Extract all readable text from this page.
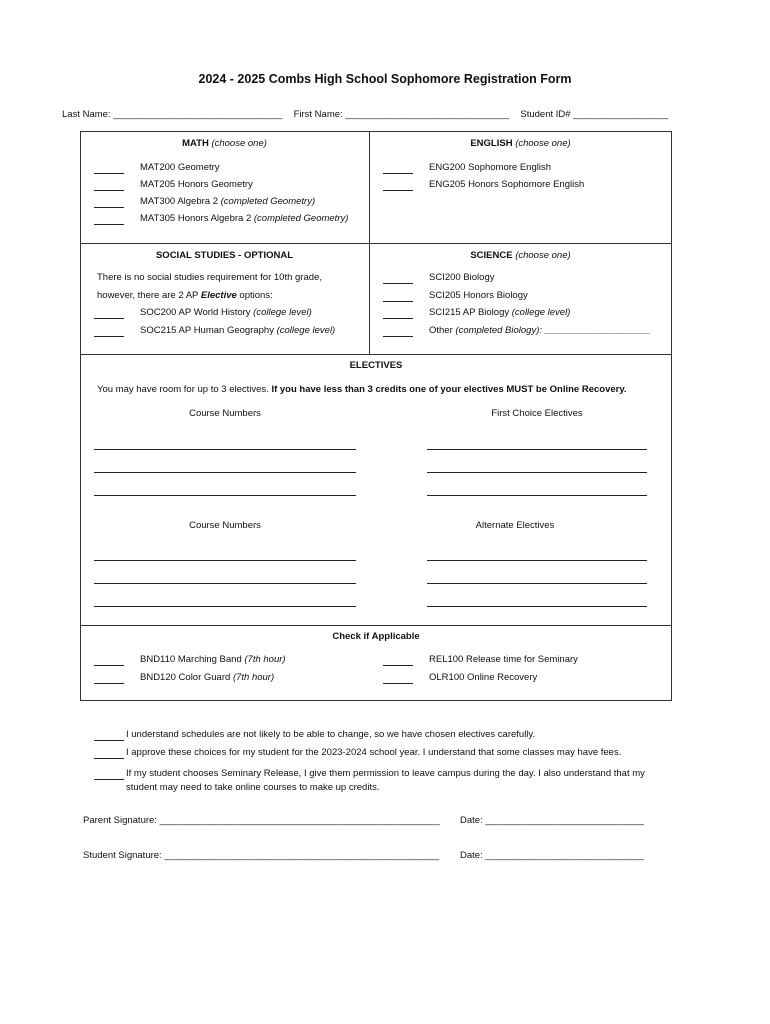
2024 - 2025 Combs High School Sophomore Registration Form
Last Name: ________________________________ First Name: _______________________________ Student ID# __________________
MATH (choose one)
MAT200 Geometry
MAT205 Honors Geometry
MAT300 Algebra 2 (completed Geometry)
MAT305 Honors Algebra 2 (completed Geometry)
ENGLISH (choose one)
ENG200 Sophomore English
ENG205 Honors Sophomore English
SOCIAL STUDIES - OPTIONAL
There is no social studies requirement for 10th grade,
however, there are 2 AP Elective options:
SOC200 AP World History (college level)
SOC215 AP Human Geography (college level)
SCIENCE (choose one)
SCI200 Biology
SCI205 Honors Biology
SCI215 AP Biology (college level)
Other (completed Biology): ____________________
ELECTIVES
You may have room for up to 3 electives. If you have less than 3 credits one of your electives MUST be Online Recovery.
Course Numbers	First Choice Electives
Course Numbers	Alternate Electives
Check if Applicable
BND110 Marching Band (7th hour)
BND120 Color Guard (7th hour)
REL100 Release time for Seminary
OLR100 Online Recovery
I understand schedules are not likely to be able to change, so we have chosen electives carefully.
I approve these choices for my student for the 2023-2024 school year. I understand that some classes may have fees.
If my student chooses Seminary Release, I give them permission to leave campus during the day. I also understand that my
student may need to take online courses to make up credits.
Parent Signature: _____________________________________________________ Date: ______________________________
Student Signature: ____________________________________________________ Date: ______________________________
